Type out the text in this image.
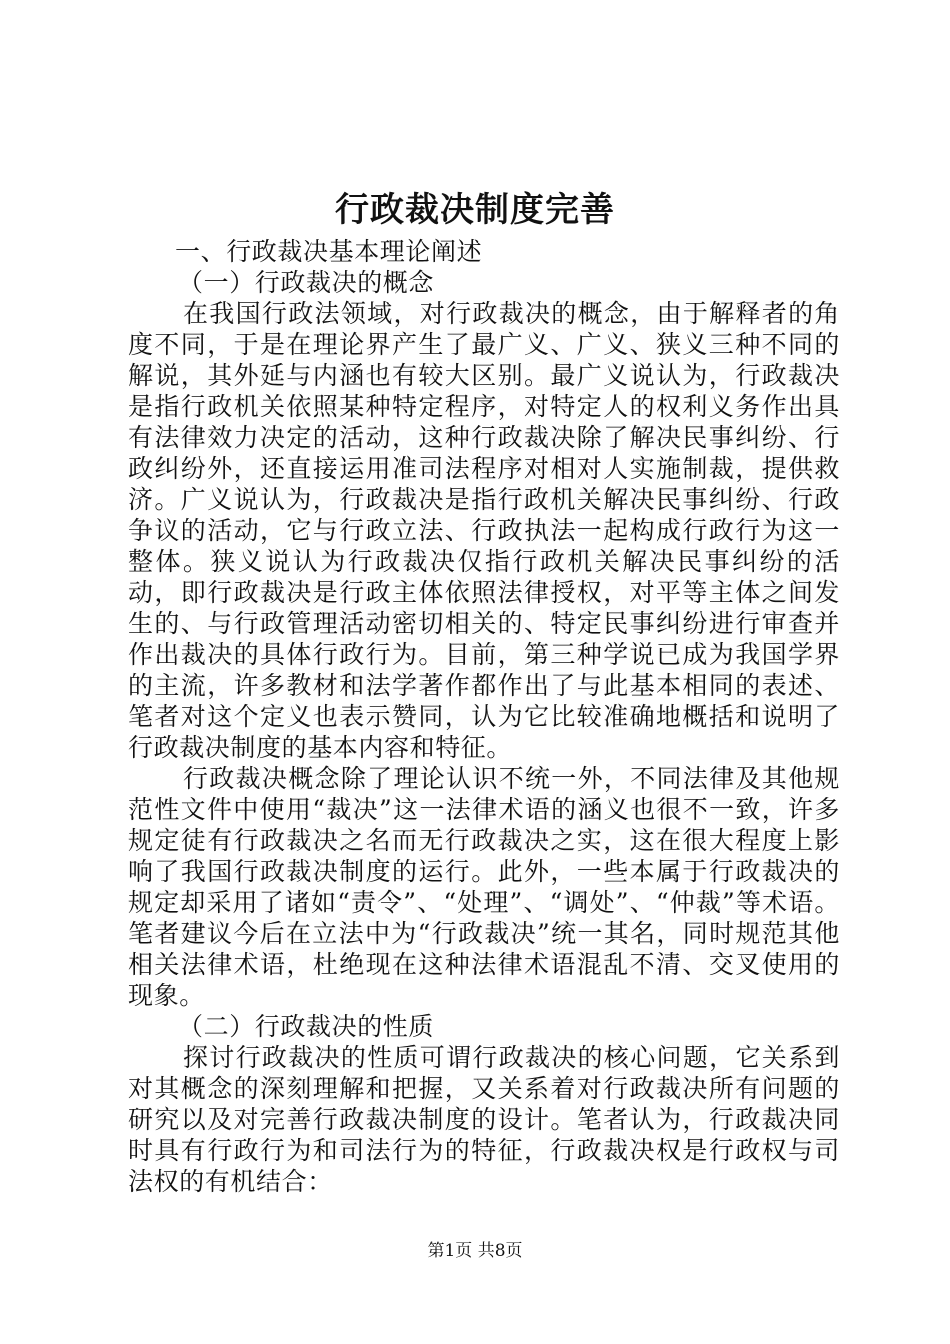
行政裁决制度完善

一、行政裁决基本理论阐述

（一）行政裁决的概念

在我国行政法领域，对行政裁决的概念，由于解释者的角度不同，于是在理论界产生了最广义、广义、狭义三种不同的解说，其外延与内涵也有较大区别。最广义说认为，行政裁决是指行政机关依照某种特定程序，对特定人的权利义务作出具有法律效力决定的活动，这种行政裁决除了解决民事纠纷、行政纠纷外，还直接运用准司法程序对相对人实施制裁，提供救济。广义说认为，行政裁决是指行政机关解决民事纠纷、行政争议的活动，它与行政立法、行政执法一起构成行政行为这一整体。狭义说认为行政裁决仅指行政机关解决民事纠纷的活动，即行政裁决是行政主体依照法律授权，对平等主体之间发生的、与行政管理活动密切相关的、特定民事纠纷进行审查并作出裁决的具体行政行为。目前，第三种学说已成为我国学界的主流，许多教材和法学著作都作出了与此基本相同的表述、笔者对这个定义也表示赞同，认为它比较准确地概括和说明了行政裁决制度的基本内容和特征。

行政裁决概念除了理论认识不统一外，不同法律及其他规范性文件中使用“裁决”这一法律术语的涵义也很不一致，许多规定徒有行政裁决之名而无行政裁决之实，这在很大程度上影响了我国行政裁决制度的运行。此外，一些本属于行政裁决的规定却采用了诸如“责令”、“处理”、“调处”、“仲裁”等术语。笔者建议今后在立法中为“行政裁决”统一其名，同时规范其他相关法律术语，杜绝现在这种法律术语混乱不清、交叉使用的现象。

（二）行政裁决的性质

探讨行政裁决的性质可谓行政裁决的核心问题，它关系到对其概念的深刻理解和把握，又关系着对行政裁决所有问题的研究以及对完善行政裁决制度的设计。笔者认为，行政裁决同时具有行政行为和司法行为的特征，行政裁决权是行政权与司法权的有机结合：

第1页 共8页
